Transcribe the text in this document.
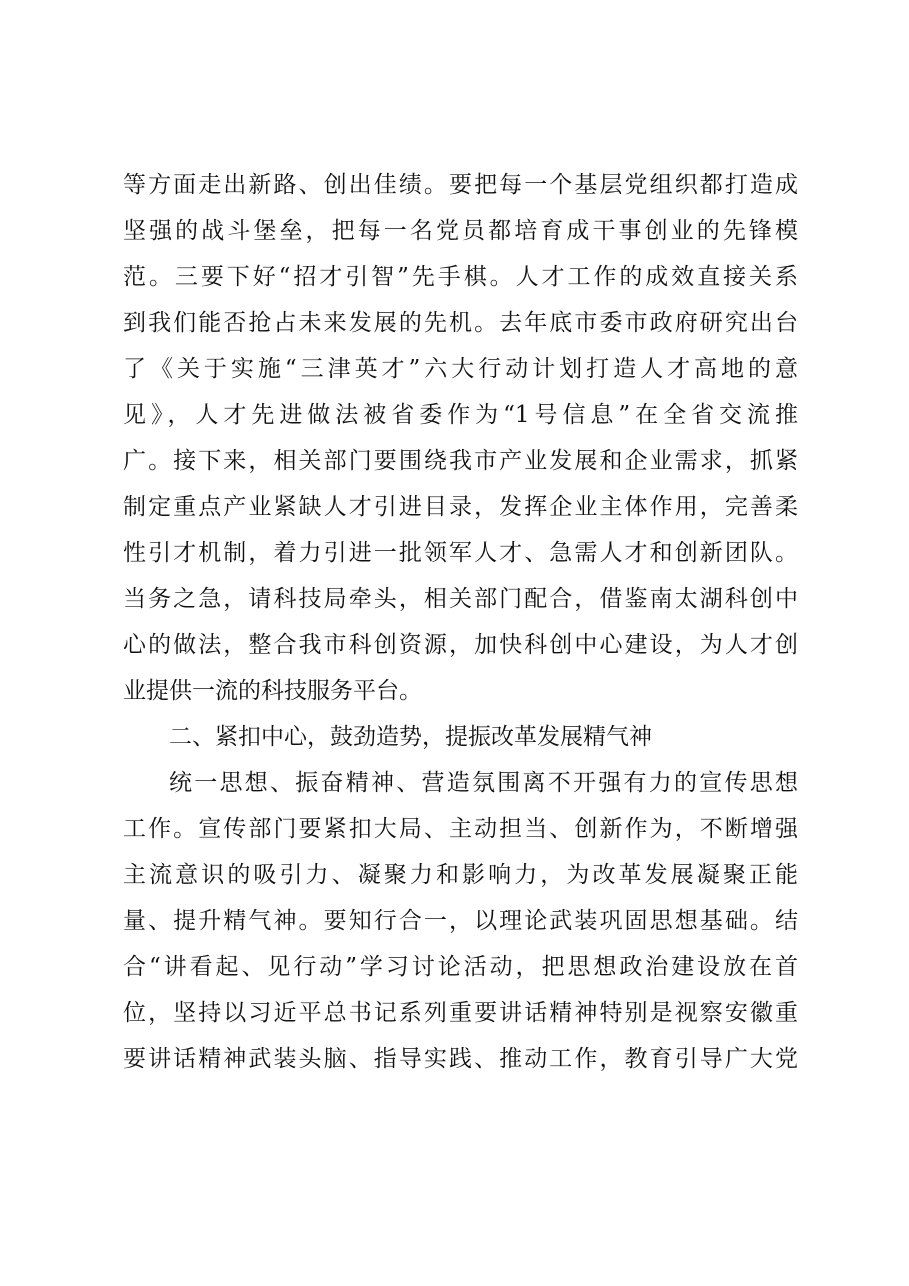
等方面走出新路、创出佳绩。要把每一个基层党组织都打造成
坚强的战斗堡垒，把每一名党员都培育成干事创业的先锋模
范。三要下好“招才引智”先手棋。人才工作的成效直接关系
到我们能否抢占未来发展的先机。去年底市委市政府研究出台
了《关于实施“三津英才”六大行动计划打造人才高地的意
见》，人才先进做法被省委作为“1号信息”在全省交流推
广。接下来，相关部门要围绕我市产业发展和企业需求，抓紧
制定重点产业紧缺人才引进目录，发挥企业主体作用，完善柔
性引才机制，着力引进一批领军人才、急需人才和创新团队。
当务之急，请科技局牵头，相关部门配合，借鉴南太湖科创中
心的做法，整合我市科创资源，加快科创中心建设，为人才创
业提供一流的科技服务平台。
二、紧扣中心，鼓劲造势，提振改革发展精气神
统一思想、振奋精神、营造氛围离不开强有力的宣传思想
工作。宣传部门要紧扣大局、主动担当、创新作为，不断增强
主流意识的吸引力、凝聚力和影响力，为改革发展凝聚正能
量、提升精气神。要知行合一，以理论武装巩固思想基础。结
合“讲看起、见行动”学习讨论活动，把思想政治建设放在首
位，坚持以习近平总书记系列重要讲话精神特别是视察安徽重
要讲话精神武装头脑、指导实践、推动工作，教育引导广大党
